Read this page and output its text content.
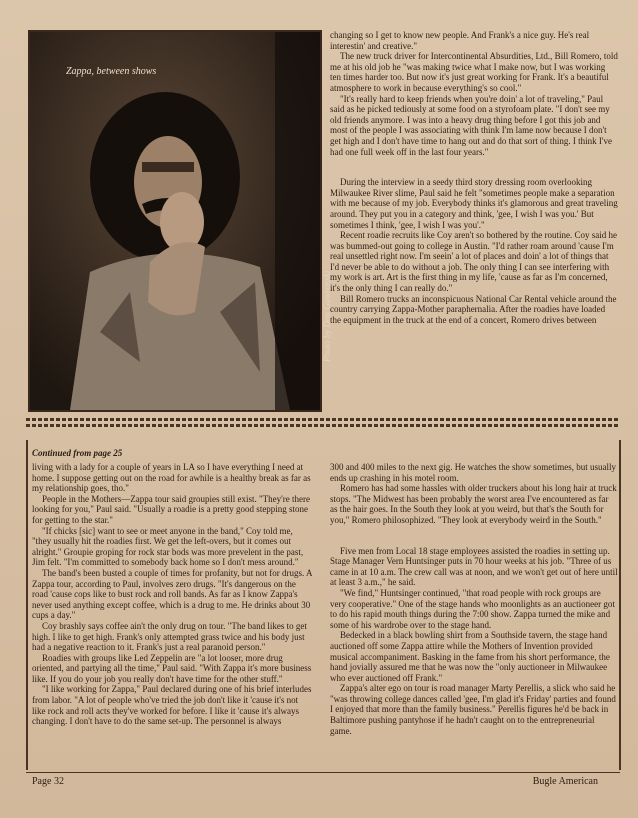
Zappa, between shows
Photo by Don Gawronski

changing so I get to know new people. And Frank's a nice guy. He's real interestin' and creative."

The new truck driver for Intercontinental Absurdities, Ltd., Bill Romero, told me at his old job he "was making twice what I make now, but I was working ten times harder too. But now it's just great working for Frank. It's a beautiful atmosphere to work in because everything's so cool."

"It's really hard to keep friends when you're doin' a lot of traveling," Paul said as he picked tediously at some food on a styrofoam plate. "I don't see my old friends anymore. I was into a heavy drug thing before I got this job and most of the people I was associating with think I'm lame now because I don't get high and I don't have time to hang out and do that sort of thing. I think I've had one full week off in the last four years."

During the interview in a seedy third story dressing room overlooking Milwaukee River slime, Paul said he felt "sometimes people make a separation with me because of my job. Everybody thinks it's glamorous and great traveling around. They put you in a category and think, 'gee, I wish I was you.' But sometimes I think, 'gee, I wish I was you'."

Recent roadie recruits like Coy aren't so bothered by the routine. Coy said he was bummed-out going to college in Austin. "I'd rather roam around 'cause I'm real unsettled right now. I'm seein' a lot of places and doin' a lot of things that I'd never be able to do without a job. The only thing I can see interfering with my work is art. Art is the first thing in my life, 'cause as far as I'm concerned, it's the only thing I can really do."

Bill Romero trucks an inconspicuous National Car Rental vehicle around the country carrying Zappa-Mother paraphernalia. After the roadies have loaded the equipment in the truck at the end of a concert, Romero drives between

Continued from page 25

living with a lady for a couple of years in LA so I have everything I need at home. I suppose getting out on the road for awhile is a healthy break as far as my relationship goes, tho."

People in the Mothers—Zappa tour said groupies still exist. "They're there looking for you," Paul said. "Usually a roadie is a pretty good stepping stone for getting to the star."

"If chicks [sic] want to see or meet anyone in the band," Coy told me, "they usually hit the roadies first. We get the left-overs, but it comes out alright." Groupie groping for rock star bods was more prevelent in the past, Jim felt. "I'm committed to somebody back home so I don't mess around."

The band's been busted a couple of times for profanity, but not for drugs. A Zappa tour, according to Paul, involves zero drugs. "It's dangerous on the road 'cause cops like to bust rock and roll bands. As far as I know Zappa's never used anything except coffee, which is a drug to me. He drinks about 30 cups a day."

Coy brashly says coffee ain't the only drug on tour. "The band likes to get high. I like to get high. Frank's only attempted grass twice and his body just had a negative reaction to it. Frank's just a real paranoid person."

Roadies with groups like Led Zeppelin are "a lot looser, more drug oriented, and partying all the time," Paul said. "With Zappa it's more business like. If you do your job you really don't have time for the other stuff."

"I like working for Zappa," Paul declared during one of his brief interludes from labor. "A lot of people who've tried the job don't like it 'cause it's not like rock and roll acts they've worked for before. I like it 'cause it's always changing. I don't have to do the same set-up. The personnel is always

300 and 400 miles to the next gig. He watches the show sometimes, but usually ends up crashing in his motel room.

Romero has had some hassles with older truckers about his long hair at truck stops. "The Midwest has been probably the worst area I've encountered as far as the hair goes. In the South they look at you weird, but that's the South for you," Romero philosophized. "They look at everybody weird in the South."

Five men from Local 18 stage employees assisted the roadies in setting up. Stage Manager Vern Huntsinger puts in 70 hour weeks at his job. "Three of us came in at 10 a.m. The crew call was at noon, and we won't get out of here until at least 3 a.m.," he said.

"We find," Huntsinger continued, "that road people with rock groups are very cooperative." One of the stage hands who moonlights as an auctioneer got to do his rapid mouth things during the 7:00 show. Zappa turned the mike and some of his wardrobe over to the stage hand.

Bedecked in a black bowling shirt from a Southside tavern, the stage hand auctioned off some Zappa attire while the Mothers of Invention provided musical accompaniment. Basking in the fame from his short performance, the hand jovially assured me that he was now the "only auctioneer in Milwaukee who ever auctioned off Frank."

Zappa's alter ego on tour is road manager Marty Perellis, a slick who said he "was throwing college dances called 'gee, I'm glad it's Friday' parties and found I enjoyed that more than the family business." Perellis figures he'd be back in Baltimore pushing pantyhose if he hadn't caught on to the entrepreneurial game.

Page 32	Bugle American
